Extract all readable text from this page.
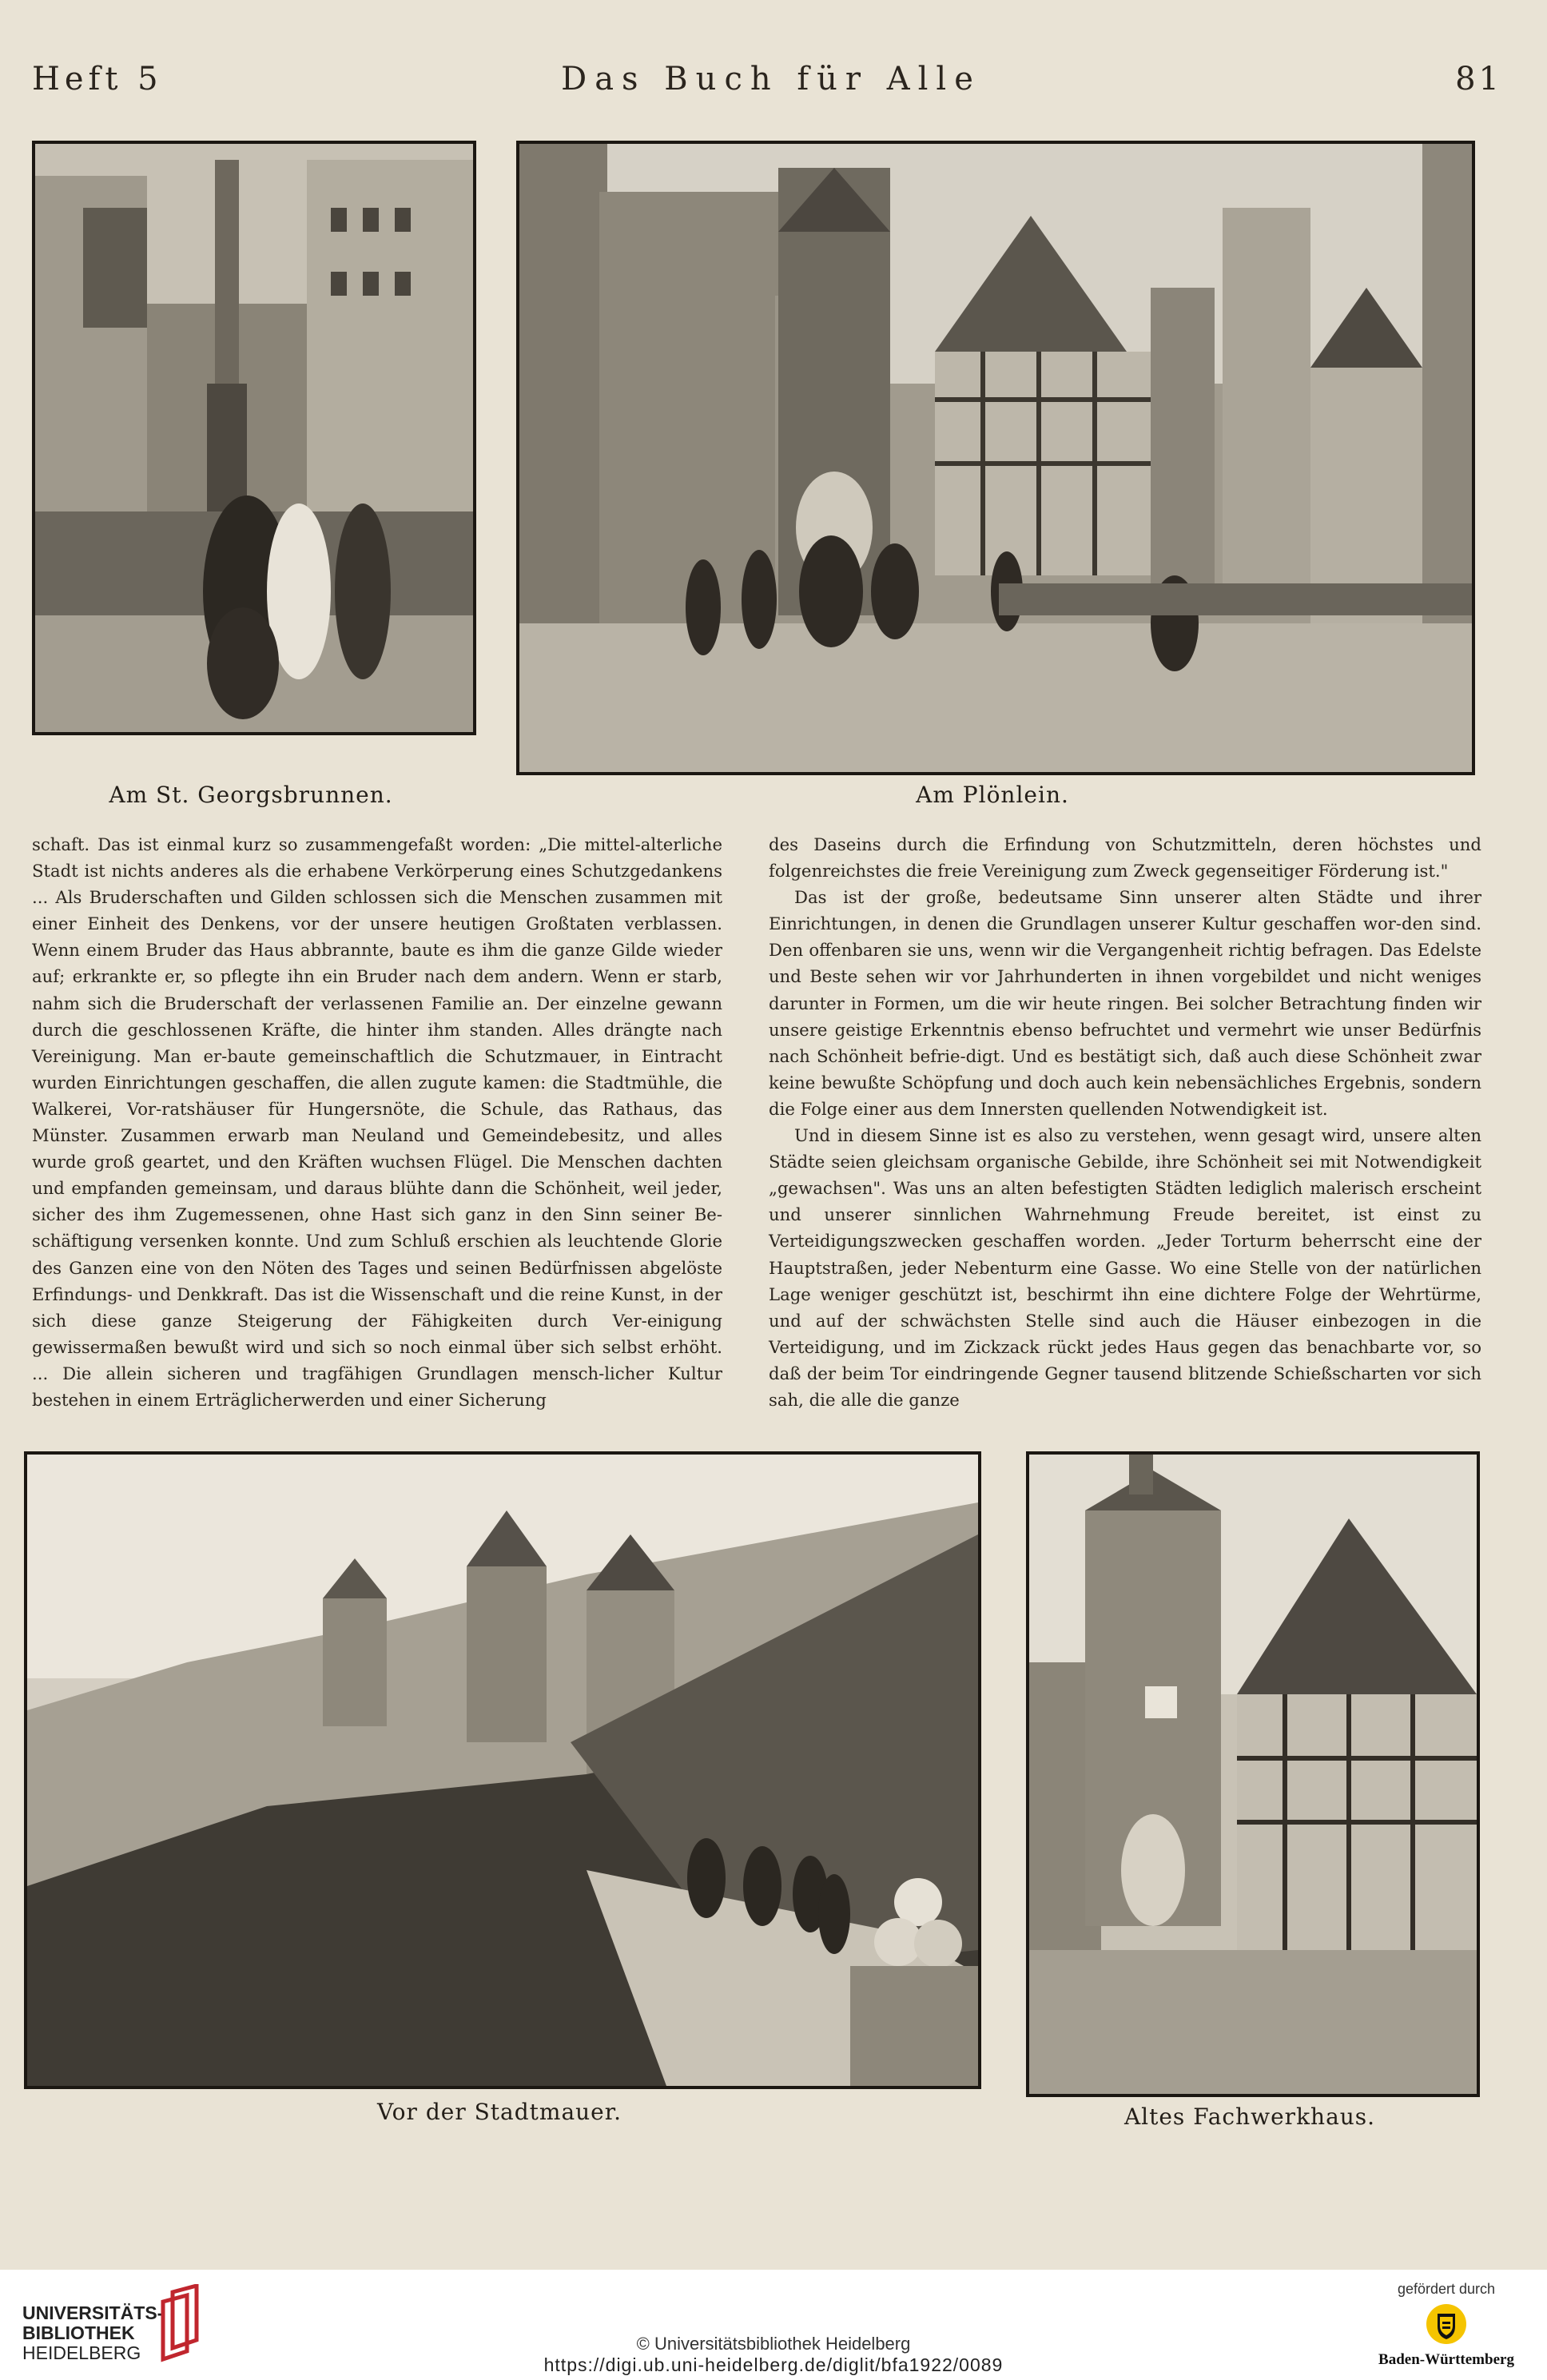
Heft 5	Das Buch für Alle	81
Am St. Georgsbrunnen.	Am Plönlein.

schaft. Das ist einmal kurz so zusammengefaßt worden: „Die mittel-alterliche Stadt ist nichts anderes als die erhabene Verkörperung eines Schutzgedankens ... Als Bruderschaften und Gilden schlossen sich die Menschen zusammen mit einer Einheit des Denkens, vor der unsere heutigen Großtaten verblassen. Wenn einem Bruder das Haus abbrannte, baute es ihm die ganze Gilde wieder auf; erkrankte er, so pflegte ihn ein Bruder nach dem andern. Wenn er starb, nahm sich die Bruderschaft der verlassenen Familie an. Der einzelne gewann durch die geschlossenen Kräfte, die hinter ihm standen. Alles drängte nach Vereinigung. Man er-baute gemeinschaftlich die Schutzmauer, in Eintracht wurden Einrichtungen geschaffen, die allen zugute kamen: die Stadtmühle, die Walkerei, Vor-ratshäuser für Hungersnöte, die Schule, das Rathaus, das Münster. Zusammen erwarb man Neuland und Gemeindebesitz, und alles wurde groß geartet, und den Kräften wuchsen Flügel. Die Menschen dachten und empfanden gemeinsam, und daraus blühte dann die Schönheit, weil jeder, sicher des ihm Zugemessenen, ohne Hast sich ganz in den Sinn seiner Be-schäftigung versenken konnte. Und zum Schluß erschien als leuchtende Glorie des Ganzen eine von den Nöten des Tages und seinen Bedürfnissen abgelöste Erfindungs- und Denkkraft. Das ist die Wissenschaft und die reine Kunst, in der sich diese ganze Steigerung der Fähigkeiten durch Ver-einigung gewissermaßen bewußt wird und sich so noch einmal über sich selbst erhöht. ... Die allein sicheren und tragfähigen Grundlagen mensch-licher Kultur bestehen in einem Erträglicherwerden und einer Sicherung

des Daseins durch die Erfindung von Schutzmitteln, deren höchstes und folgenreichstes die freie Vereinigung zum Zweck gegenseitiger Förderung ist."

Das ist der große, bedeutsame Sinn unserer alten Städte und ihrer Einrichtungen, in denen die Grundlagen unserer Kultur geschaffen wor-den sind. Den offenbaren sie uns, wenn wir die Vergangenheit richtig befragen. Das Edelste und Beste sehen wir vor Jahrhunderten in ihnen vorgebildet und nicht weniges darunter in Formen, um die wir heute ringen. Bei solcher Betrachtung finden wir unsere geistige Erkenntnis ebenso befruchtet und vermehrt wie unser Bedürfnis nach Schönheit befrie-digt. Und es bestätigt sich, daß auch diese Schönheit zwar keine bewußte Schöpfung und doch auch kein nebensächliches Ergebnis, sondern die Folge einer aus dem Innersten quellenden Notwendigkeit ist.

Und in diesem Sinne ist es also zu verstehen, wenn gesagt wird, unsere alten Städte seien gleichsam organische Gebilde, ihre Schönheit sei mit Notwendigkeit „gewachsen". Was uns an alten befestigten Städten lediglich malerisch erscheint und unserer sinnlichen Wahrnehmung Freude bereitet, ist einst zu Verteidigungszwecken geschaffen worden. „Jeder Torturm beherrscht eine der Hauptstraßen, jeder Nebenturm eine Gasse. Wo eine Stelle von der natürlichen Lage weniger geschützt ist, beschirmt ihn eine dichtere Folge der Wehrtürme, und auf der schwächsten Stelle sind auch die Häuser einbezogen in die Verteidigung, und im Zickzack rückt jedes Haus gegen das benachbarte vor, so daß der beim Tor eindringende Gegner tausend blitzende Schießscharten vor sich sah, die alle die ganze

Vor der Stadtmauer.	Altes Fachwerkhaus.
UNIVERSITÄTS-
BIBLIOTHEK
HEIDELBERG	© Universitätsbibliothek Heidelberg
https://digi.ub.uni-heidelberg.de/diglit/bfa1922/0089
gefördert durch
Baden-Württemberg
